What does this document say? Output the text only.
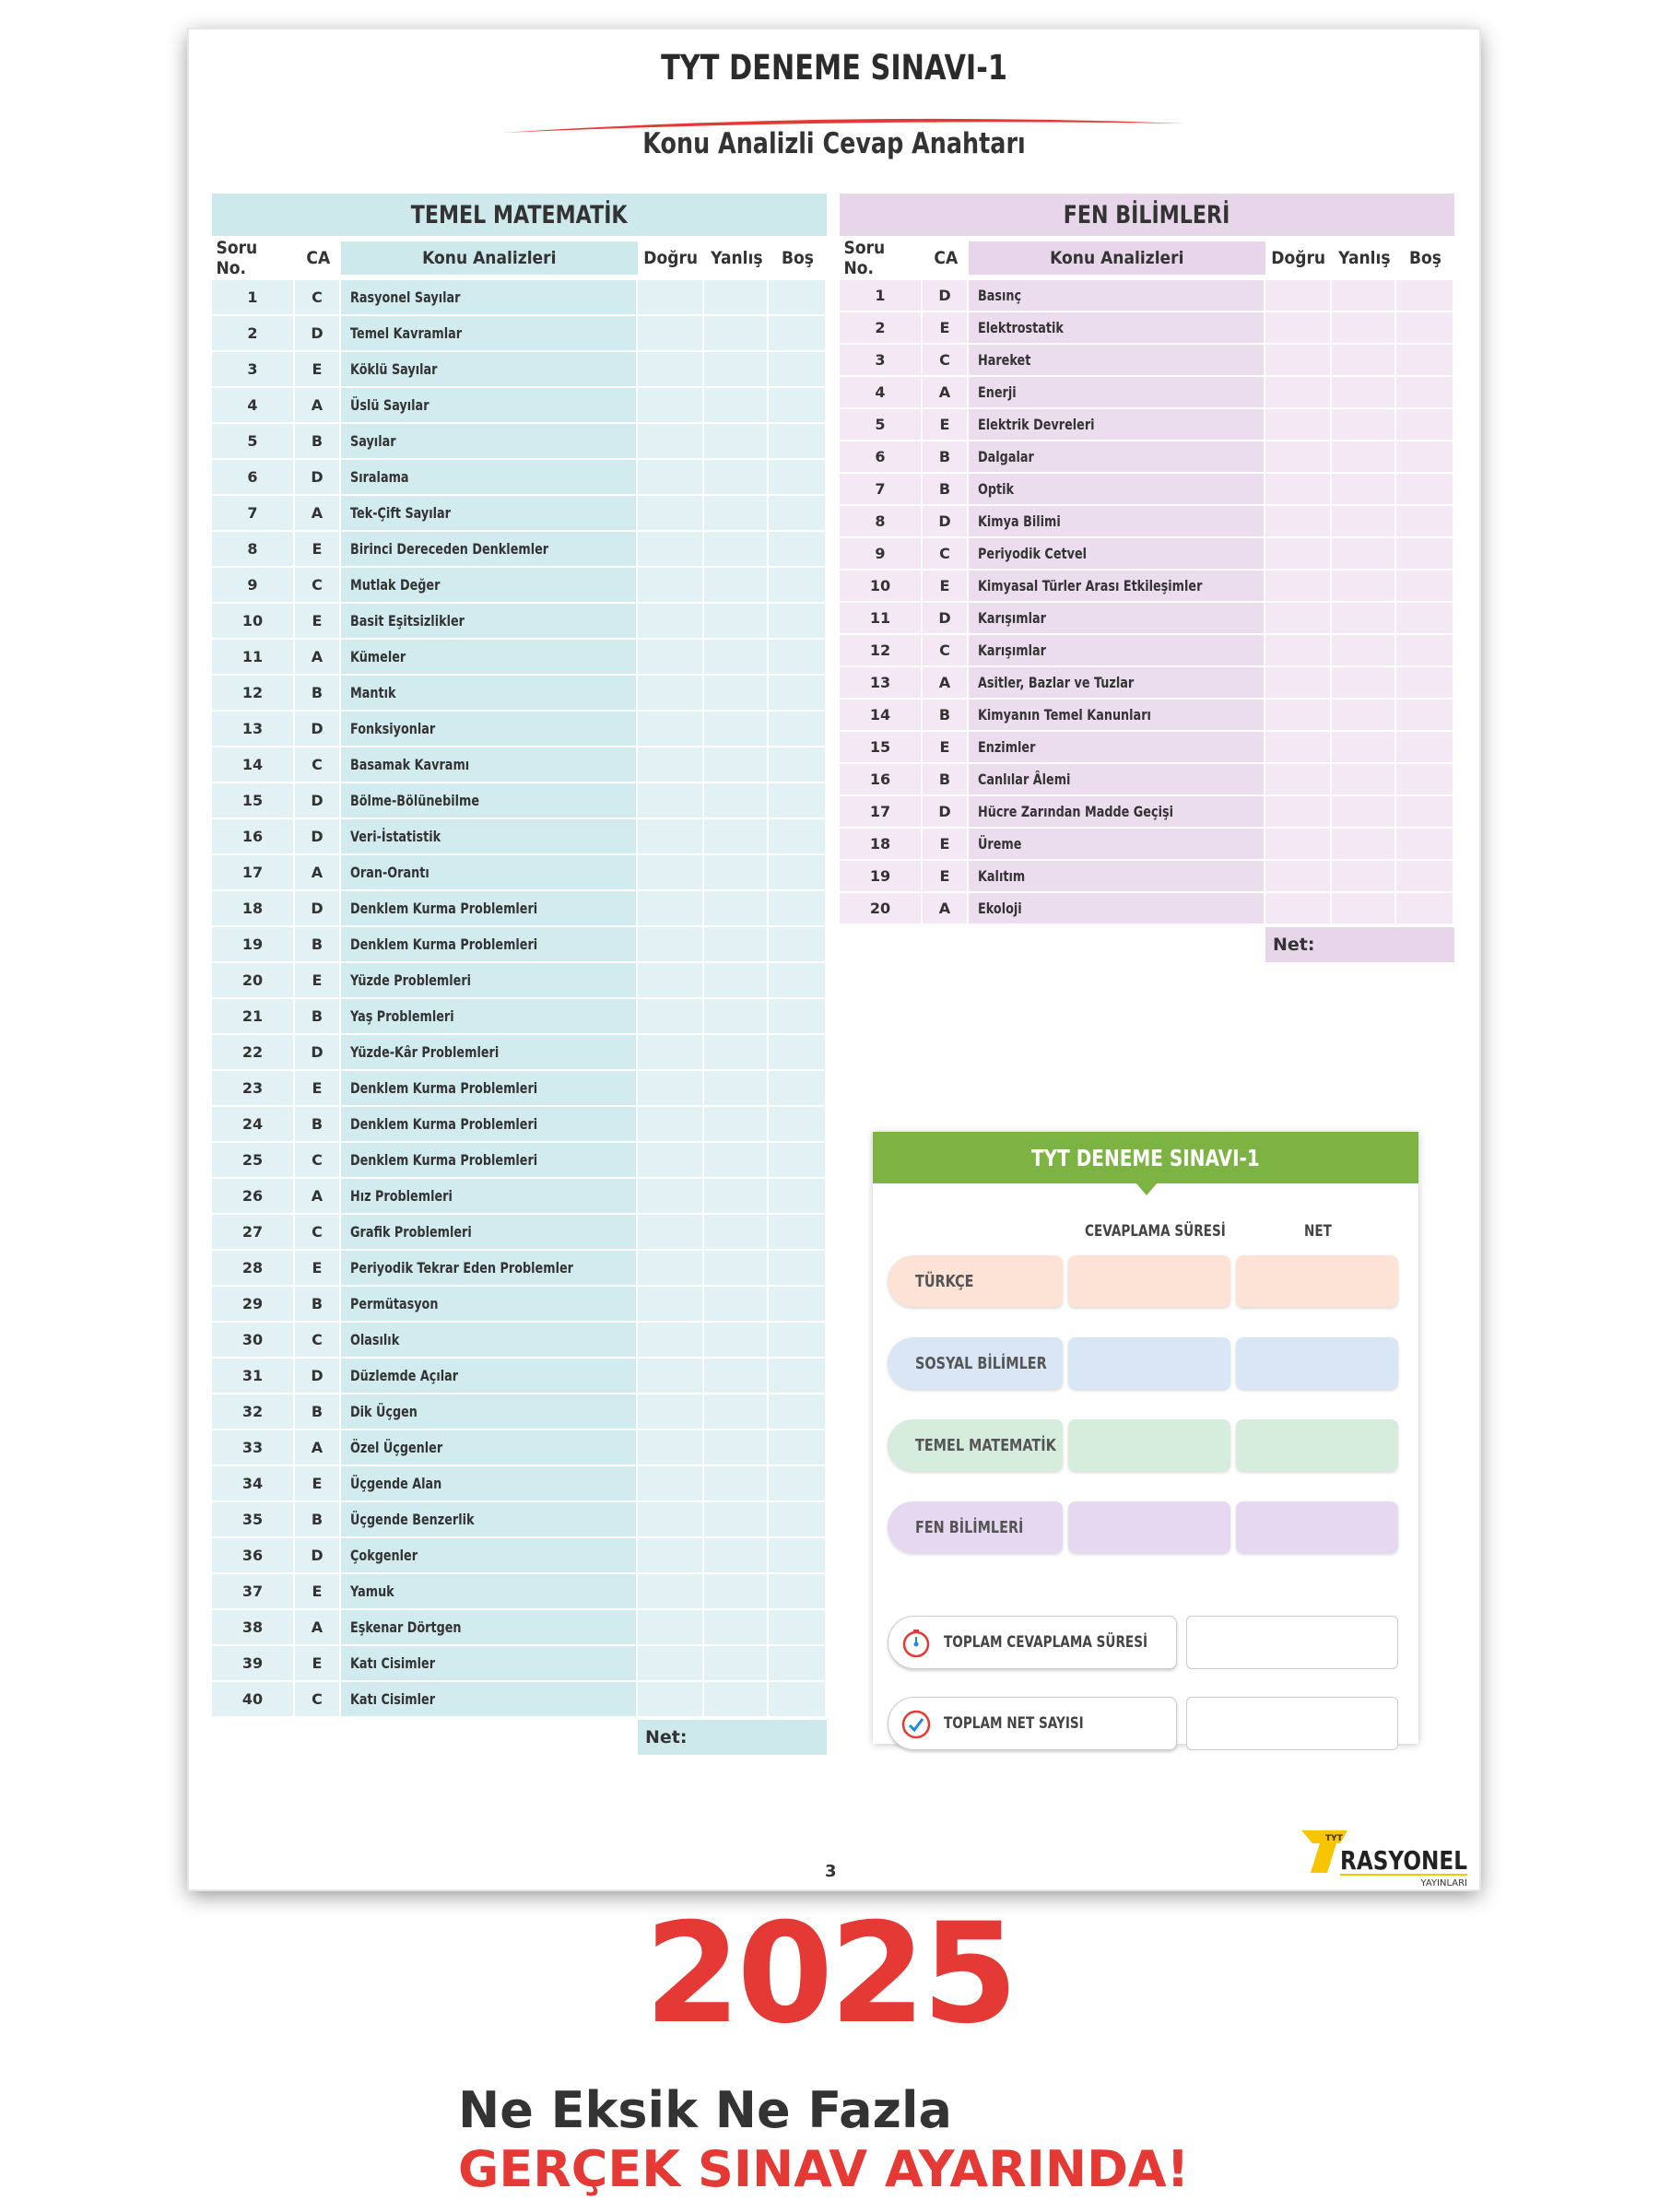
TYT DENEME SINAVI-1
Konu Analizli Cevap Anahtarı
TEMEL MATEMATİK
Soru No.	CA	Konu Analizleri	Doğru Yanlış Boş
1	C	Rasyonel Sayılar
2	D	Temel Kavramlar
3	E	Köklü Sayılar
4	A	Üslü Sayılar
5	B	Sayılar
6	D	Sıralama
7	A	Tek-Çift Sayılar
8	E	Birinci Dereceden Denklemler
9	C	Mutlak Değer
10	E	Basit Eşitsizlikler
11	A	Kümeler
12	B	Mantık
13	D	Fonksiyonlar
14	C	Basamak Kavramı
15	D	Bölme-Bölünebilme
16	D	Veri-İstatistik
17	A	Oran-Orantı
18	D	Denklem Kurma Problemleri
19	B	Denklem Kurma Problemleri
20	E	Yüzde Problemleri
21	B	Yaş Problemleri
22	D	Yüzde-Kâr Problemleri
23	E	Denklem Kurma Problemleri
24	B	Denklem Kurma Problemleri
25	C	Denklem Kurma Problemleri
26	A	Hız Problemleri
27	C	Grafik Problemleri
28	E	Periyodik Tekrar Eden Problemler
29	B	Permütasyon
30	C	Olasılık
31	D	Düzlemde Açılar
32	B	Dik Üçgen
33	A	Özel Üçgenler
34	E	Üçgende Alan
35	B	Üçgende Benzerlik
36	D	Çokgenler
37	E	Yamuk
38	A	Eşkenar Dörtgen
39	E	Katı Cisimler
40	C	Katı Cisimler
Net:
FEN BİLİMLERİ
Soru No.	CA	Konu Analizleri	Doğru Yanlış Boş
1	D	Basınç
2	E	Elektrostatik
3	C	Hareket
4	A	Enerji
5	E	Elektrik Devreleri
6	B	Dalgalar
7	B	Optik
8	D	Kimya Bilimi
9	C	Periyodik Cetvel
10	E	Kimyasal Türler Arası Etkileşimler
11	D	Karışımlar
12	C	Karışımlar
13	A	Asitler, Bazlar ve Tuzlar
14	B	Kimyanın Temel Kanunları
15	E	Enzimler
16	B	Canlılar Âlemi
17	D	Hücre Zarından Madde Geçişi
18	E	Üreme
19	E	Kalıtım
20	A	Ekoloji
Net:
TYT DENEME SINAVI-1
CEVAPLAMA SÜRESİ	NET
TÜRKÇE
SOSYAL BİLİMLER
TEMEL MATEMATİK
FEN BİLİMLERİ
TOPLAM CEVAPLAMA SÜRESİ
TOPLAM NET SAYISI
3
TYT
RASYONEL
YAYINLARI
2025
Ne Eksik Ne Fazla
GERÇEK SINAV AYARINDA!
